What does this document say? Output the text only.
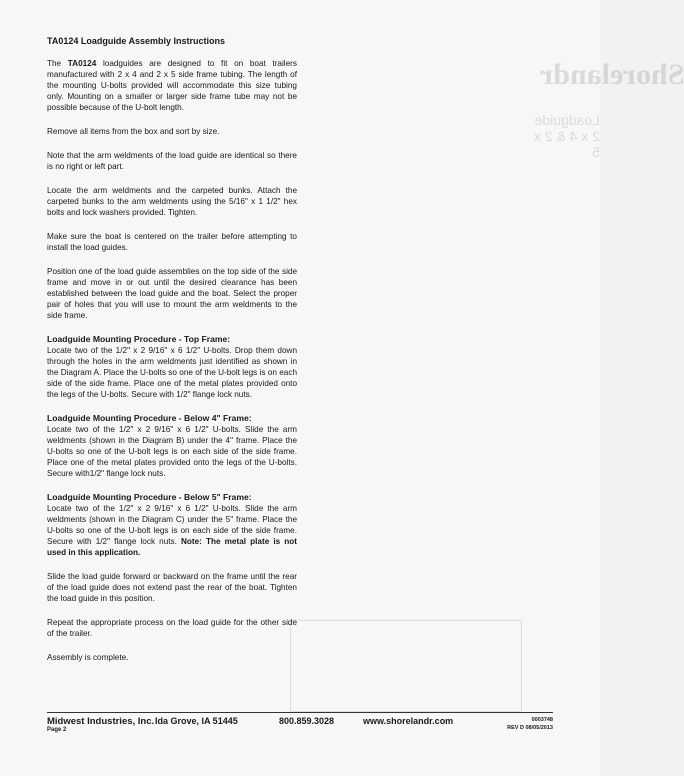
Shorelandr
Loadguide 2 x 4 & 2 x 5
TA0124 Loadguide Assembly Instructions

The TA0124 loadguides are designed to fit on boat trailers manufactured with 2 x 4 and 2 x 5 side frame tubing. The length of the mounting U-bolts provided will accommodate this size tubing only. Mounting on a smaller or larger side frame tube may not be possible because of the U-bolt length.

Remove all items from the box and sort by size.

Note that the arm weldments of the load guide are identical so there is no right or left part.

Locate the arm weldments and the carpeted bunks. Attach the carpeted bunks to the arm weldments using the 5/16" x 1 1/2" hex bolts and lock washers provided. Tighten.

Make sure the boat is centered on the trailer before attempting to install the load guides.

Position one of the load guide assemblies on the top side of the side frame and move in or out until the desired clearance has been established between the load guide and the boat. Select the proper pair of holes that you will use to mount the arm weldments to the side frame.

Loadguide Mounting Procedure - Top Frame:
Locate two of the 1/2" x 2 9/16" x 6 1/2" U-bolts. Drop them down through the holes in the arm weldments just identified as shown in the Diagram A. Place the U-bolts so one of the U-bolt legs is on each side of the side frame. Place one of the metal plates provided onto the legs of the U-bolts. Secure with 1/2" flange lock nuts.
Loadguide Mounting Procedure - Below 4" Frame:
Locate two of the 1/2" x 2 9/16" x 6 1/2" U-bolts. Slide the arm weldments (shown in the Diagram B) under the 4" frame. Place the U-bolts so one of the U-bolt legs is on each side of the side frame. Place one of the metal plates provided onto the legs of the U-bolts. Secure with1/2" flange lock nuts.
Loadguide Mounting Procedure - Below 5" Frame:
Locate two of the 1/2" x 2 9/16" x 6 1/2" U-bolts. Slide the arm weldments (shown in the Diagram C) under the 5" frame. Place the U-bolts so one of the U-bolt legs is on each side of the side frame. Secure with 1/2" flange lock nuts. Note: The metal plate is not used in this application.

Slide the load guide forward or backward on the frame until the rear of the load guide does not extend past the rear of the boat. Tighten the load guide in this position.

Repeat the appropriate process on the load guide for the other side of the trailer.

Assembly is complete.

Midwest Industries, Inc.
Page 2
Ida Grove, IA 51445	800.859.3028	www.shorelandr.com	0003748
REV D 08/05/2013
